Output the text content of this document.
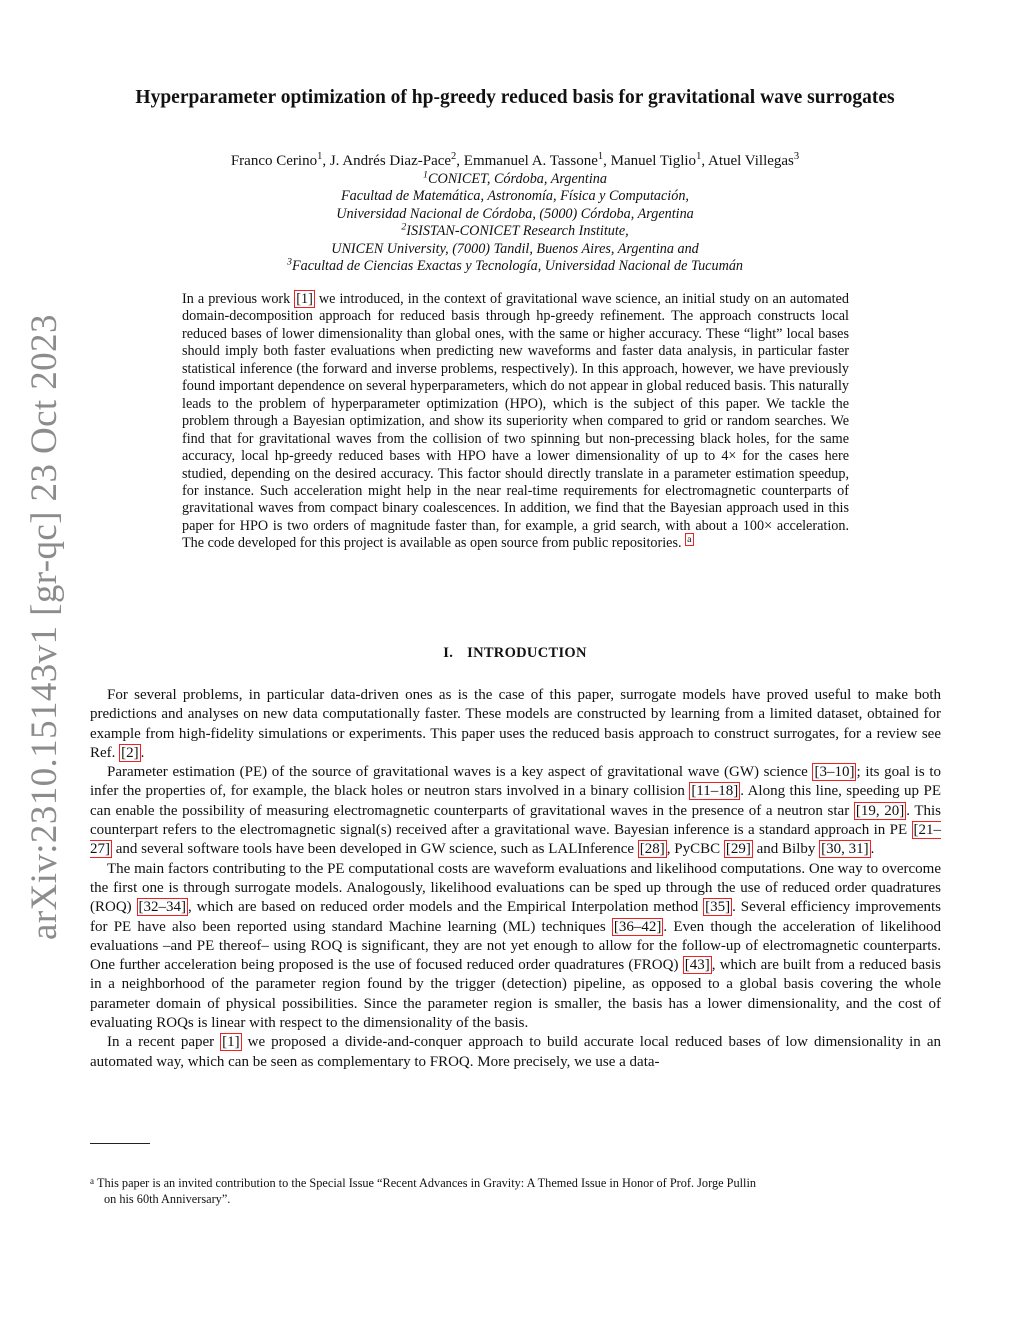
arXiv:2310.15143v1 [gr-qc] 23 Oct 2023
Hyperparameter optimization of hp-greedy reduced basis for gravitational wave surrogates
Franco Cerino$^1$, J. Andrés Diaz-Pace$^2$, Emmanuel A. Tassone$^1$, Manuel Tiglio$^1$, Atuel Villegas$^3$
$^1$CONICET, Córdoba, Argentina
Facultad de Matemática, Astronomía, Física y Computación,
Universidad Nacional de Córdoba, (5000) Córdoba, Argentina
$^2$ISISTAN-CONICET Research Institute,
UNICEN University, (7000) Tandil, Buenos Aires, Argentina and
$^3$Facultad de Ciencias Exactas y Tecnología, Universidad Nacional de Tucumán
In a previous work [1] we introduced, in the context of gravitational wave science, an initial study on an automated domain-decomposition approach for reduced basis through hp-greedy refinement. The approach constructs local reduced bases of lower dimensionality than global ones, with the same or higher accuracy. These “light” local bases should imply both faster evaluations when predicting new waveforms and faster data analysis, in particular faster statistical inference (the forward and inverse problems, respectively). In this approach, however, we have previously found important dependence on several hyperparameters, which do not appear in global reduced basis. This naturally leads to the problem of hyperparameter optimization (HPO), which is the subject of this paper. We tackle the problem through a Bayesian optimization, and show its superiority when compared to grid or random searches. We find that for gravitational waves from the collision of two spinning but non-precessing black holes, for the same accuracy, local hp-greedy reduced bases with HPO have a lower dimensionality of up to 4× for the cases here studied, depending on the desired accuracy. This factor should directly translate in a parameter estimation speedup, for instance. Such acceleration might help in the near real-time requirements for electromagnetic counterparts of gravitational waves from compact binary coalescences. In addition, we find that the Bayesian approach used in this paper for HPO is two orders of magnitude faster than, for example, a grid search, with about a 100× acceleration. The code developed for this project is available as open source from public repositories. $^a$
I. INTRODUCTION

For several problems, in particular data-driven ones as is the case of this paper, surrogate models have proved useful to make both predictions and analyses on new data computationally faster. These models are constructed by learning from a limited dataset, obtained for example from high-fidelity simulations or experiments. This paper uses the reduced basis approach to construct surrogates, for a review see Ref. [2] .

Parameter estimation (PE) of the source of gravitational waves is a key aspect of gravitational wave (GW) science [3–10] ; its goal is to infer the properties of, for example, the black holes or neutron stars involved in a binary collision [11–18] . Along this line, speeding up PE can enable the possibility of measuring electromagnetic counterparts of gravitational waves in the presence of a neutron star [19, 20] . This counterpart refers to the electromagnetic signal(s) received after a gravitational wave. Bayesian inference is a standard approach in PE [21–27] and several software tools have been developed in GW science, such as LALInference [28] , PyCBC [29] and Bilby [30, 31] .

The main factors contributing to the PE computational costs are waveform evaluations and likelihood computations. One way to overcome the first one is through surrogate models. Analogously, likelihood evaluations can be sped up through the use of reduced order quadratures (ROQ) [32–34] , which are based on reduced order models and the Empirical Interpolation method [35] . Several efficiency improvements for PE have also been reported using standard Machine learning (ML) techniques [36–42] . Even though the acceleration of likelihood evaluations –and PE thereof– using ROQ is significant, they are not yet enough to allow for the follow-up of electromagnetic counterparts. One further acceleration being proposed is the use of focused reduced order quadratures (FROQ) [43] , which are built from a reduced basis in a neighborhood of the parameter region found by the trigger (detection) pipeline, as opposed to a global basis covering the whole parameter domain of physical possibilities. Since the parameter region is smaller, the basis has a lower dimensionality, and the cost of evaluating ROQs is linear with respect to the dimensionality of the basis.

In a recent paper [1] we proposed a divide-and-conquer approach to build accurate local reduced bases of low dimensionality in an automated way, which can be seen as complementary to FROQ. More precisely, we use a data-

$^a$ This paper is an invited contribution to the Special Issue “Recent Advances in Gravity: A Themed Issue in Honor of Prof. Jorge Pullin
on his 60th Anniversary”.
